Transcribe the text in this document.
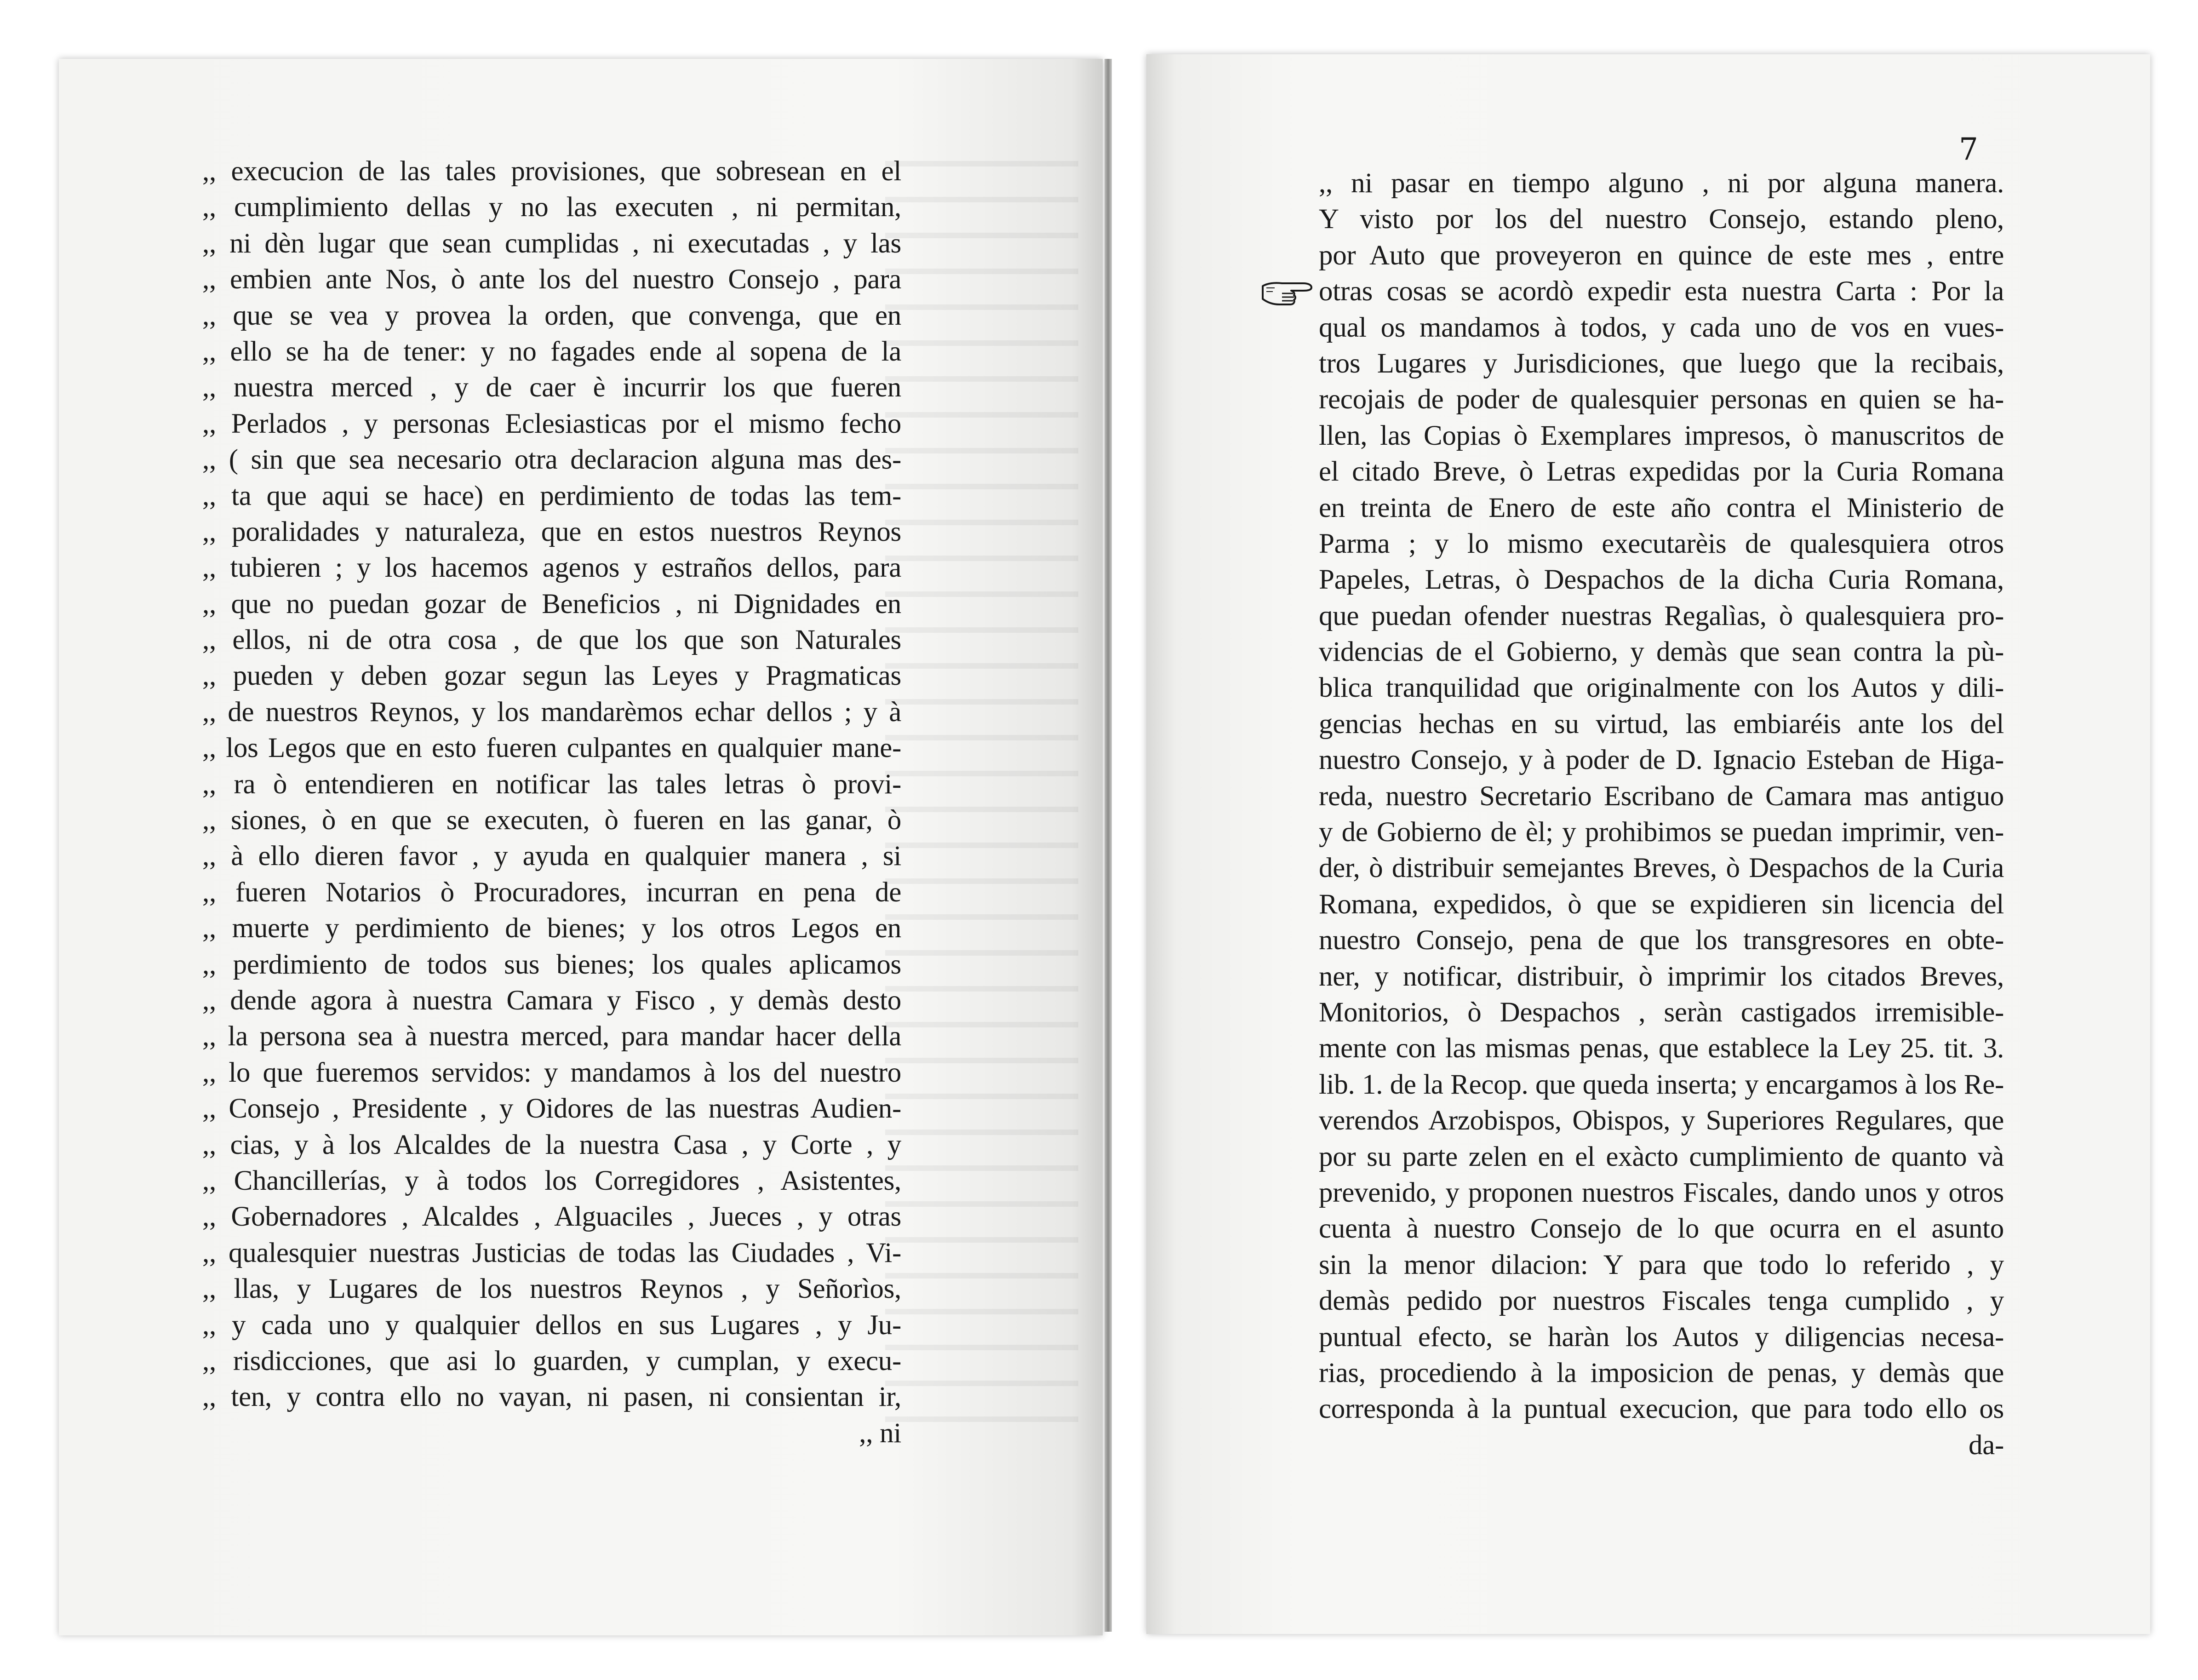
,, execucion de las tales provisiones, que sobresean en el
,, cumplimiento dellas y no las executen , ni permitan,
,, ni dèn lugar que sean cumplidas , ni executadas , y las
,, embien ante Nos, ò ante los del nuestro Consejo , para
,, que se vea y provea la orden, que convenga, que en
,, ello se ha de tener: y no fagades ende al sopena de la
,, nuestra merced , y de caer è incurrir los que fueren
,, Perlados , y personas Eclesiasticas por el mismo fecho
,, ( sin que sea necesario otra declaracion alguna mas des-
,, ta que aqui se hace) en perdimiento de todas las tem-
,, poralidades y naturaleza, que en estos nuestros Reynos
,, tubieren ; y los hacemos agenos y estraños dellos, para
,, que no puedan gozar de Beneficios , ni Dignidades en
,, ellos, ni de otra cosa , de que los que son Naturales
,, pueden y deben gozar segun las Leyes y Pragmaticas
,, de nuestros Reynos, y los mandarèmos echar dellos ; y à
,, los Legos que en esto fueren culpantes en qualquier mane-
,, ra ò entendieren en notificar las tales letras ò provi-
,, siones, ò en que se executen, ò fueren en las ganar, ò
,, à ello dieren favor , y ayuda en qualquier manera , si
,, fueren Notarios ò Procuradores, incurran en pena de
,, muerte y perdimiento de bienes; y los otros Legos en
,, perdimiento de todos sus bienes; los quales aplicamos
,, dende agora à nuestra Camara y Fisco , y demàs desto
,, la persona sea à nuestra merced, para mandar hacer della
,, lo que fueremos servidos: y mandamos à los del nuestro
,, Consejo , Presidente , y Oidores de las nuestras Audien-
,, cias, y à los Alcaldes de la nuestra Casa , y Corte , y
,, Chancillerías, y à todos los Corregidores , Asistentes,
,, Gobernadores , Alcaldes , Alguaciles , Jueces , y otras
,, qualesquier nuestras Justicias de todas las Ciudades , Vi-
,, llas, y Lugares de los nuestros Reynos , y Señorìos,
,, y cada uno y qualquier dellos en sus Lugares , y Ju-
,, risdicciones, que asi lo guarden, y cumplan, y execu-
,, ten, y contra ello no vayan, ni pasen, ni consientan ir,
,, ni
7
,, ni pasar en tiempo alguno , ni por alguna manera.
Y visto por los del nuestro Consejo, estando pleno,
por Auto que proveyeron en quince de este mes , entre
otras cosas se acordò expedir esta nuestra Carta : Por la
qual os mandamos à todos, y cada uno de vos en vues-
tros Lugares y Jurisdiciones, que luego que la recibais,
recojais de poder de qualesquier personas en quien se ha-
llen, las Copias ò Exemplares impresos, ò manuscritos de
el citado Breve, ò Letras expedidas por la Curia Romana
en treinta de Enero de este año contra el Ministerio de
Parma ; y lo mismo executarèis de qualesquiera otros
Papeles, Letras, ò Despachos de la dicha Curia Romana,
que puedan ofender nuestras Regalìas, ò qualesquiera pro-
videncias de el Gobierno, y demàs que sean contra la pù-
blica tranquilidad que originalmente con los Autos y dili-
gencias hechas en su virtud, las embiaréis ante los del
nuestro Consejo, y à poder de D. Ignacio Esteban de Higa-
reda, nuestro Secretario Escribano de Camara mas antiguo
y de Gobierno de èl; y prohibimos se puedan imprimir, ven-
der, ò distribuir semejantes Breves, ò Despachos de la Curia
Romana, expedidos, ò que se expidieren sin licencia del
nuestro Consejo, pena de que los transgresores en obte-
ner, y notificar, distribuir, ò imprimir los citados Breves,
Monitorios, ò Despachos , seràn castigados irremisible-
mente con las mismas penas, que establece la Ley 25. tit. 3.
lib. 1. de la Recop. que queda inserta; y encargamos à los Re-
verendos Arzobispos, Obispos, y Superiores Regulares, que
por su parte zelen en el exàcto cumplimiento de quanto và
prevenido, y proponen nuestros Fiscales, dando unos y otros
cuenta à nuestro Consejo de lo que ocurra en el asunto
sin la menor dilacion: Y para que todo lo referido , y
demàs pedido por nuestros Fiscales tenga cumplido , y
puntual efecto, se haràn los Autos y diligencias necesa-
rias, procediendo à la imposicion de penas, y demàs que
corresponda à la puntual execucion, que para todo ello os
da-
